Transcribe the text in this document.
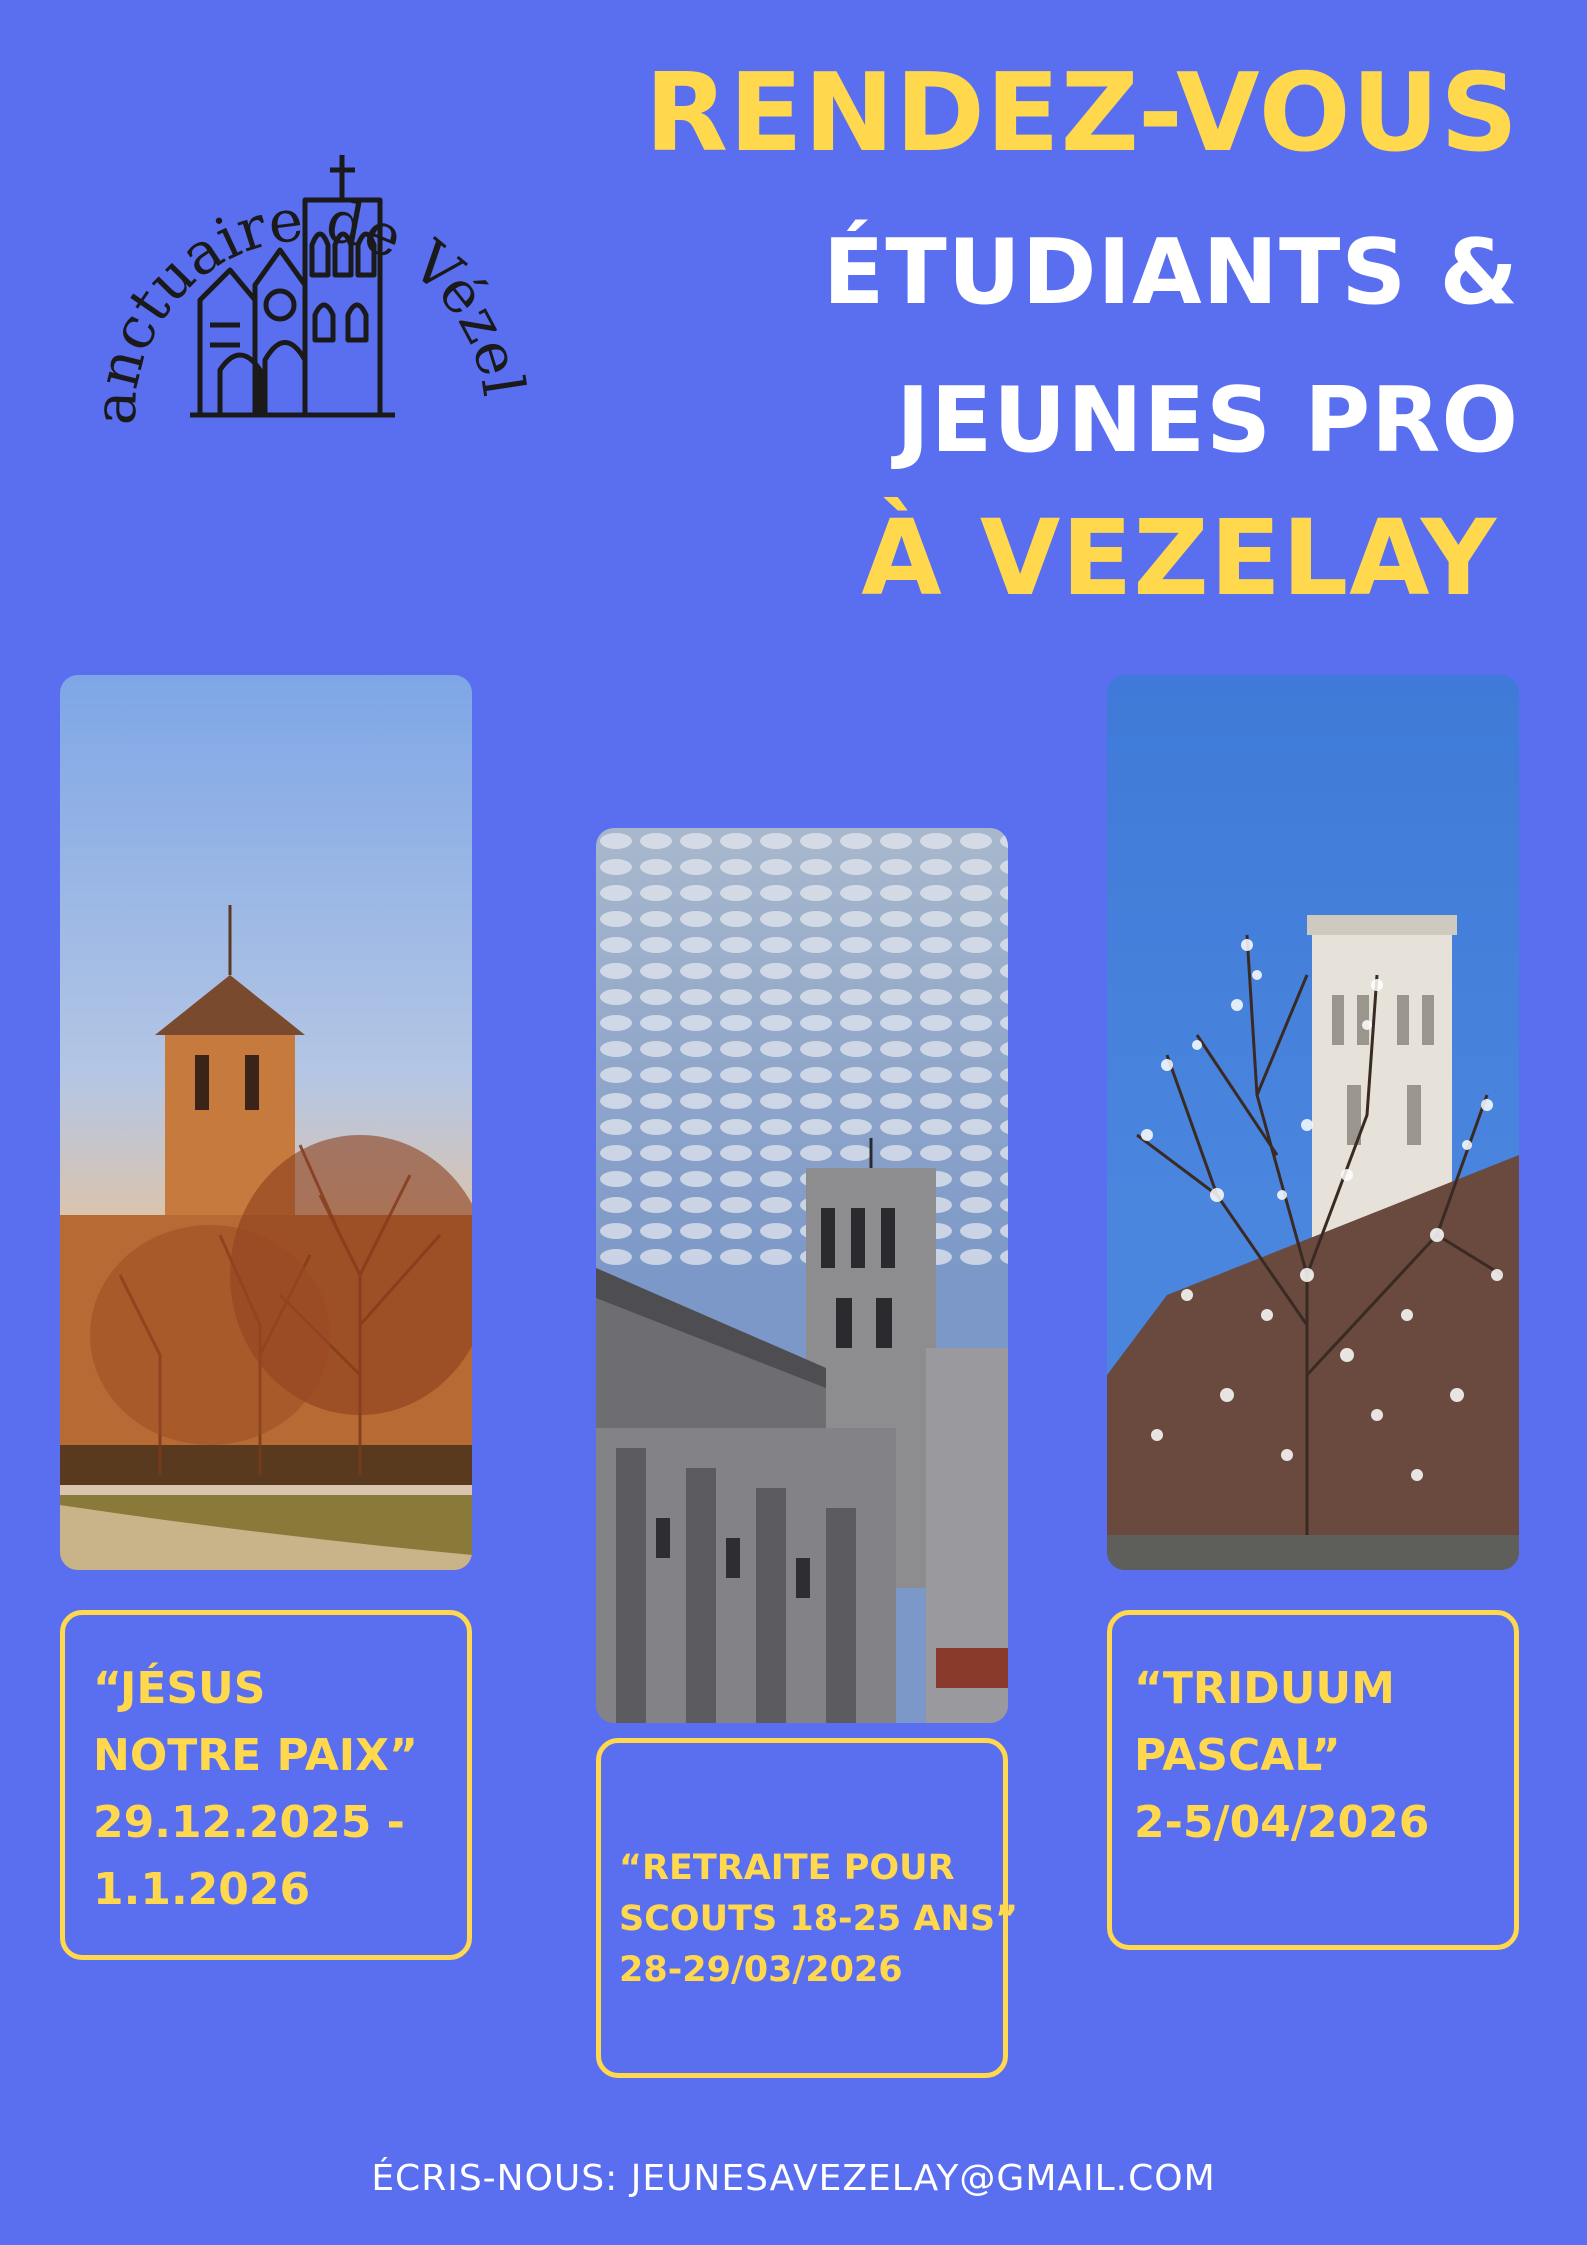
anctuaire de Vézel
RENDEZ-VOUS
ÉTUDIANTS &
JEUNES PRO
À VEZELAY
“JÉSUS
NOTRE PAIX”
29.12.2025 -
1.1.2026	“RETRAITE POUR
SCOUTS 18-25 ANS”
28-29/03/2026
“TRIDUUM
PASCAL”
2-5/04/2026
ÉCRIS-NOUS: JEUNESAVEZELAY@GMAIL.COM
